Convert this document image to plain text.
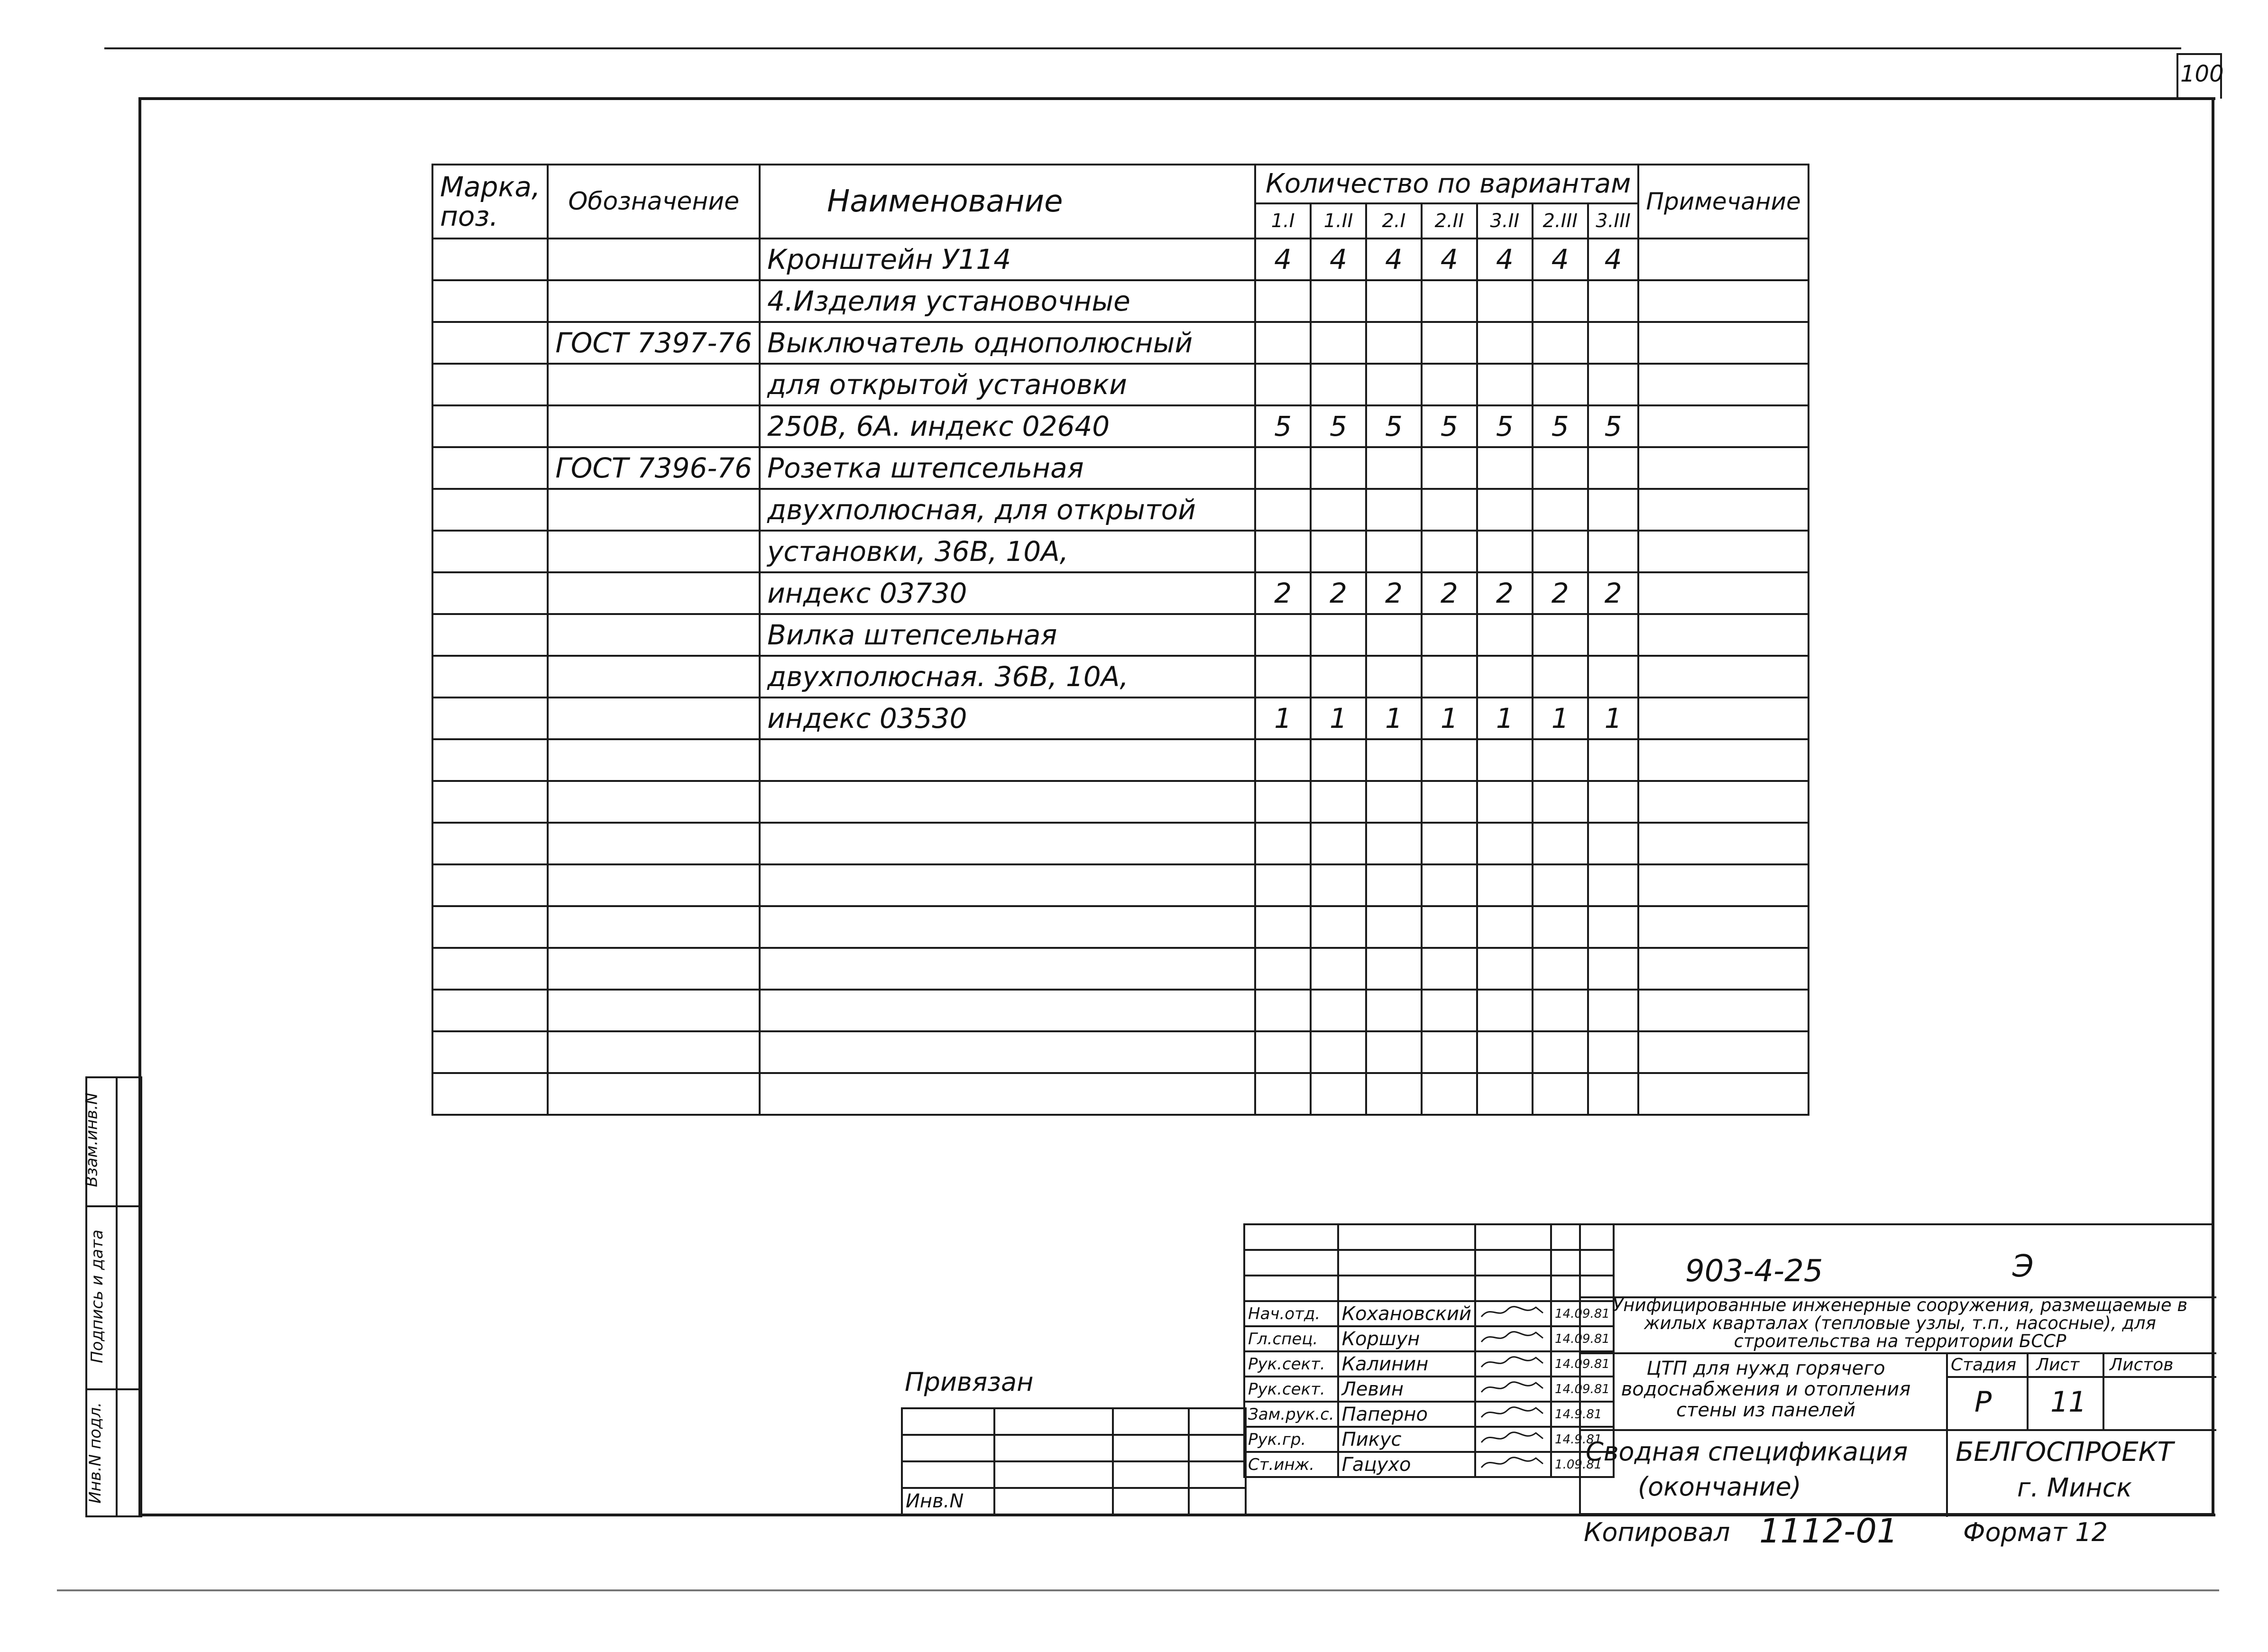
100
Марка, поз.	Обозначение	Наименование	Количество по вариантам							Примечание
			1.I	1.II	2.I	2.II	3.II	2.III	3.III	
		Кронштейн У114	4	4	4	4	4	4	4	
		4.Изделия установочные								
	ГОСТ 7397-76	Выключатель однополюсный								
		для открытой установки								
		250В, 6А. индекс 02640	5	5	5	5	5	5	5	
	ГОСТ 7396-76	Розетка штепсельная								
		двухполюсная, для открытой								
		установки, 36В, 10А,								
		индекс 03730	2	2	2	2	2	2	2	
		Вилка штепсельная								
		двухполюсная. 36В, 10А,								
		индекс 03530	1	1	1	1	1	1	1	

Взам.инв.N
Подпись и дата
Инв.N подл.
Привязан			

Инв.N			

Нач.отд.	Кохановский		14.09.81
Гл.спец.	Коршун		14.09.81
Рук.сект.	Калинин		14.09.81
Рук.сект.	Левин		14.09.81
Зам.рук.с.	Паперно		14.9.81
Рук.гр.	Пикус		14.9.81
Ст.инж.	Гацухо		1.09.81
903-4-25	Э
Унифицированные инженерные сооружения, размещаемые в жилых кварталах (тепловые узлы, т.п., насосные), для строительства на территории БССР
ЦТП для нужд горячего водоснабжения и отопления стены из панелей
Сводная спецификация
(окончание)
Стадия Лист Листов
Р 11
БЕЛГОСПРОЕКТ
г. Минск
Копировал 1112-01	Формат 12
